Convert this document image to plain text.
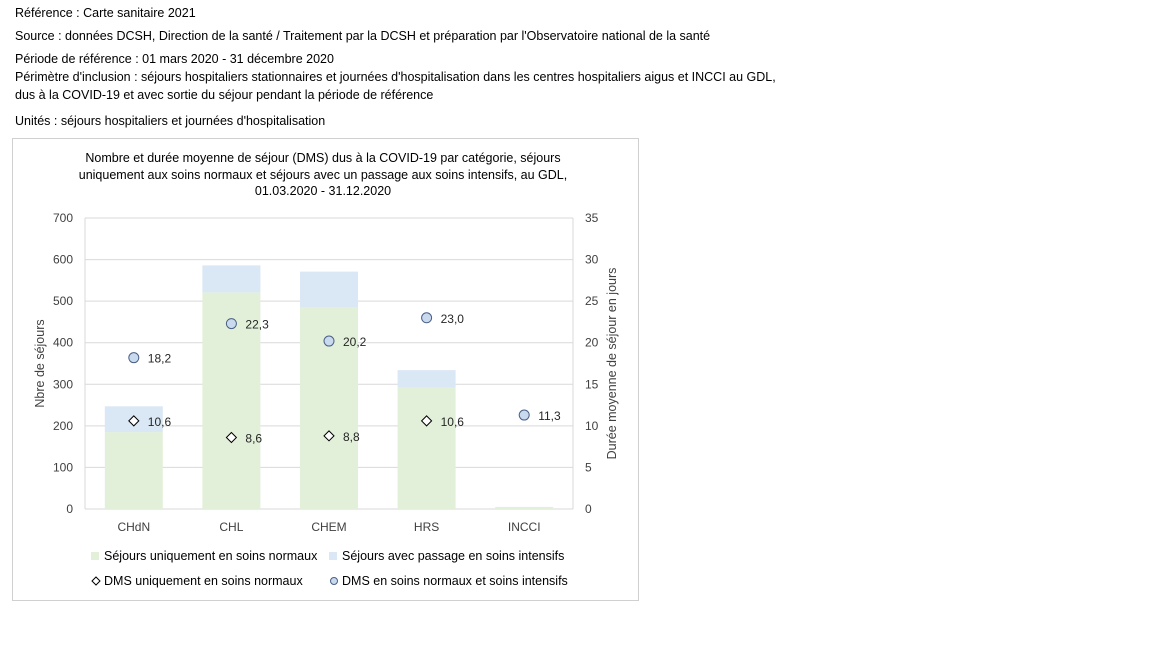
Référence : Carte sanitaire 2021
Source : données DCSH, Direction de la santé / Traitement par la DCSH et préparation par l'Observatoire national de la santé
Période de référence : 01 mars 2020 - 31 décembre 2020
Périmètre d'inclusion : séjours hospitaliers stationnaires et journées d'hospitalisation dans les centres hospitaliers aigus et INCCI au GDL,
dus à la COVID-19 et avec sortie du séjour pendant la période de référence
Unités : séjours hospitaliers et journées d'hospitalisation
Nombre et durée moyenne de séjour (DMS) dus à la COVID-19 par catégorie, séjours uniquement aux soins normaux et séjours avec un passage aux soins intensifs, au GDL, 01.03.2020 - 31.12.2020
0
100
200
300
400
500
600
700
0
5
10
15
20
25
30
35
CHdN	CHL	CHEM	HRS	INCCI
10,6
18,2
8,6
22,3
8,8
20,2
10,6
23,0
11,3
Nbre de séjours	Durée moyenne de séjour en jours
Séjours uniquement en soins normaux	Séjours avec passage en soins intensifs
DMS uniquement en soins normaux	DMS en soins normaux et soins intensifs
